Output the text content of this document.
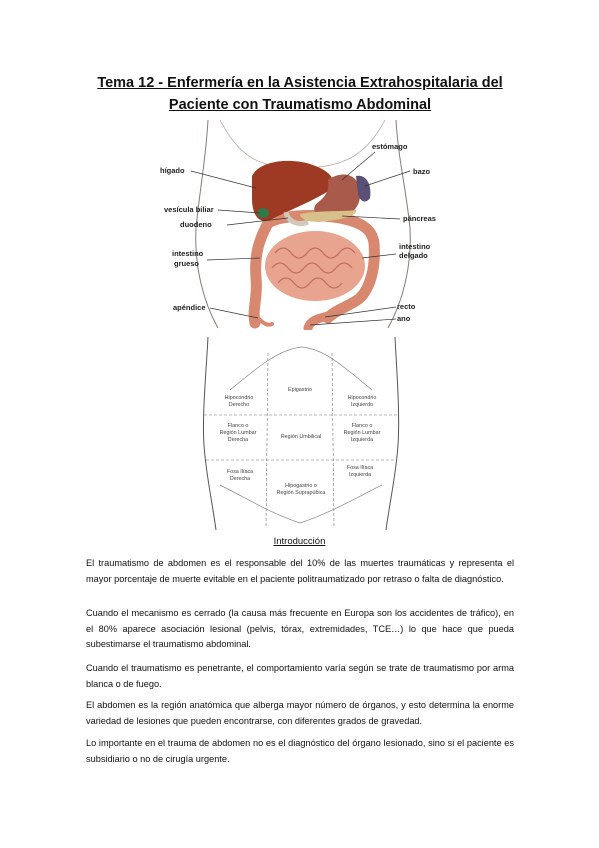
Tema 12 - Enfermería en la Asistencia Extrahospitalaria del
Paciente con Traumatismo Abdominal
hígado
estómago
bazo
vesícula biliar
duodeno
páncreas
intestino
grueso
intestino
delgado
apéndice	recto
ano
Epigastrio
Hipocondrio
Derecho
Hipocondrio
Izquierdo
Flanco o
Región Lumbar
Derecha	Región Umbilical
Flanco o
Región Lumbar
Izquierda
Fosa Ilíaca
Derecha
Hipogastrio o
Región Suprapúbica
Fosa Ilíaca
Izquierda
Introducción

El traumatismo de abdomen es el responsable del 10% de las muertes traumáticas y representa el mayor porcentaje de muerte evitable en el paciente politraumatizado por retraso o falta de diagnóstico.

Cuando el mecanismo es cerrado (la causa más frecuente en Europa son los accidentes de tráfico), en el 80% aparece asociación lesional (pelvis, tórax, extremidades, TCE…) lo que hace que pueda subestimarse el traumatismo abdominal.

Cuando el traumatismo es penetrante, el comportamiento varía según se trate de traumatismo por arma blanca o de fuego.

El abdomen es la región anatómica que alberga mayor número de órganos, y esto determina la enorme variedad de lesiones que pueden encontrarse, con diferentes grados de gravedad.

Lo importante en el trauma de abdomen no es el diagnóstico del órgano lesionado, sino si el paciente es subsidiario o no de cirugía urgente.
